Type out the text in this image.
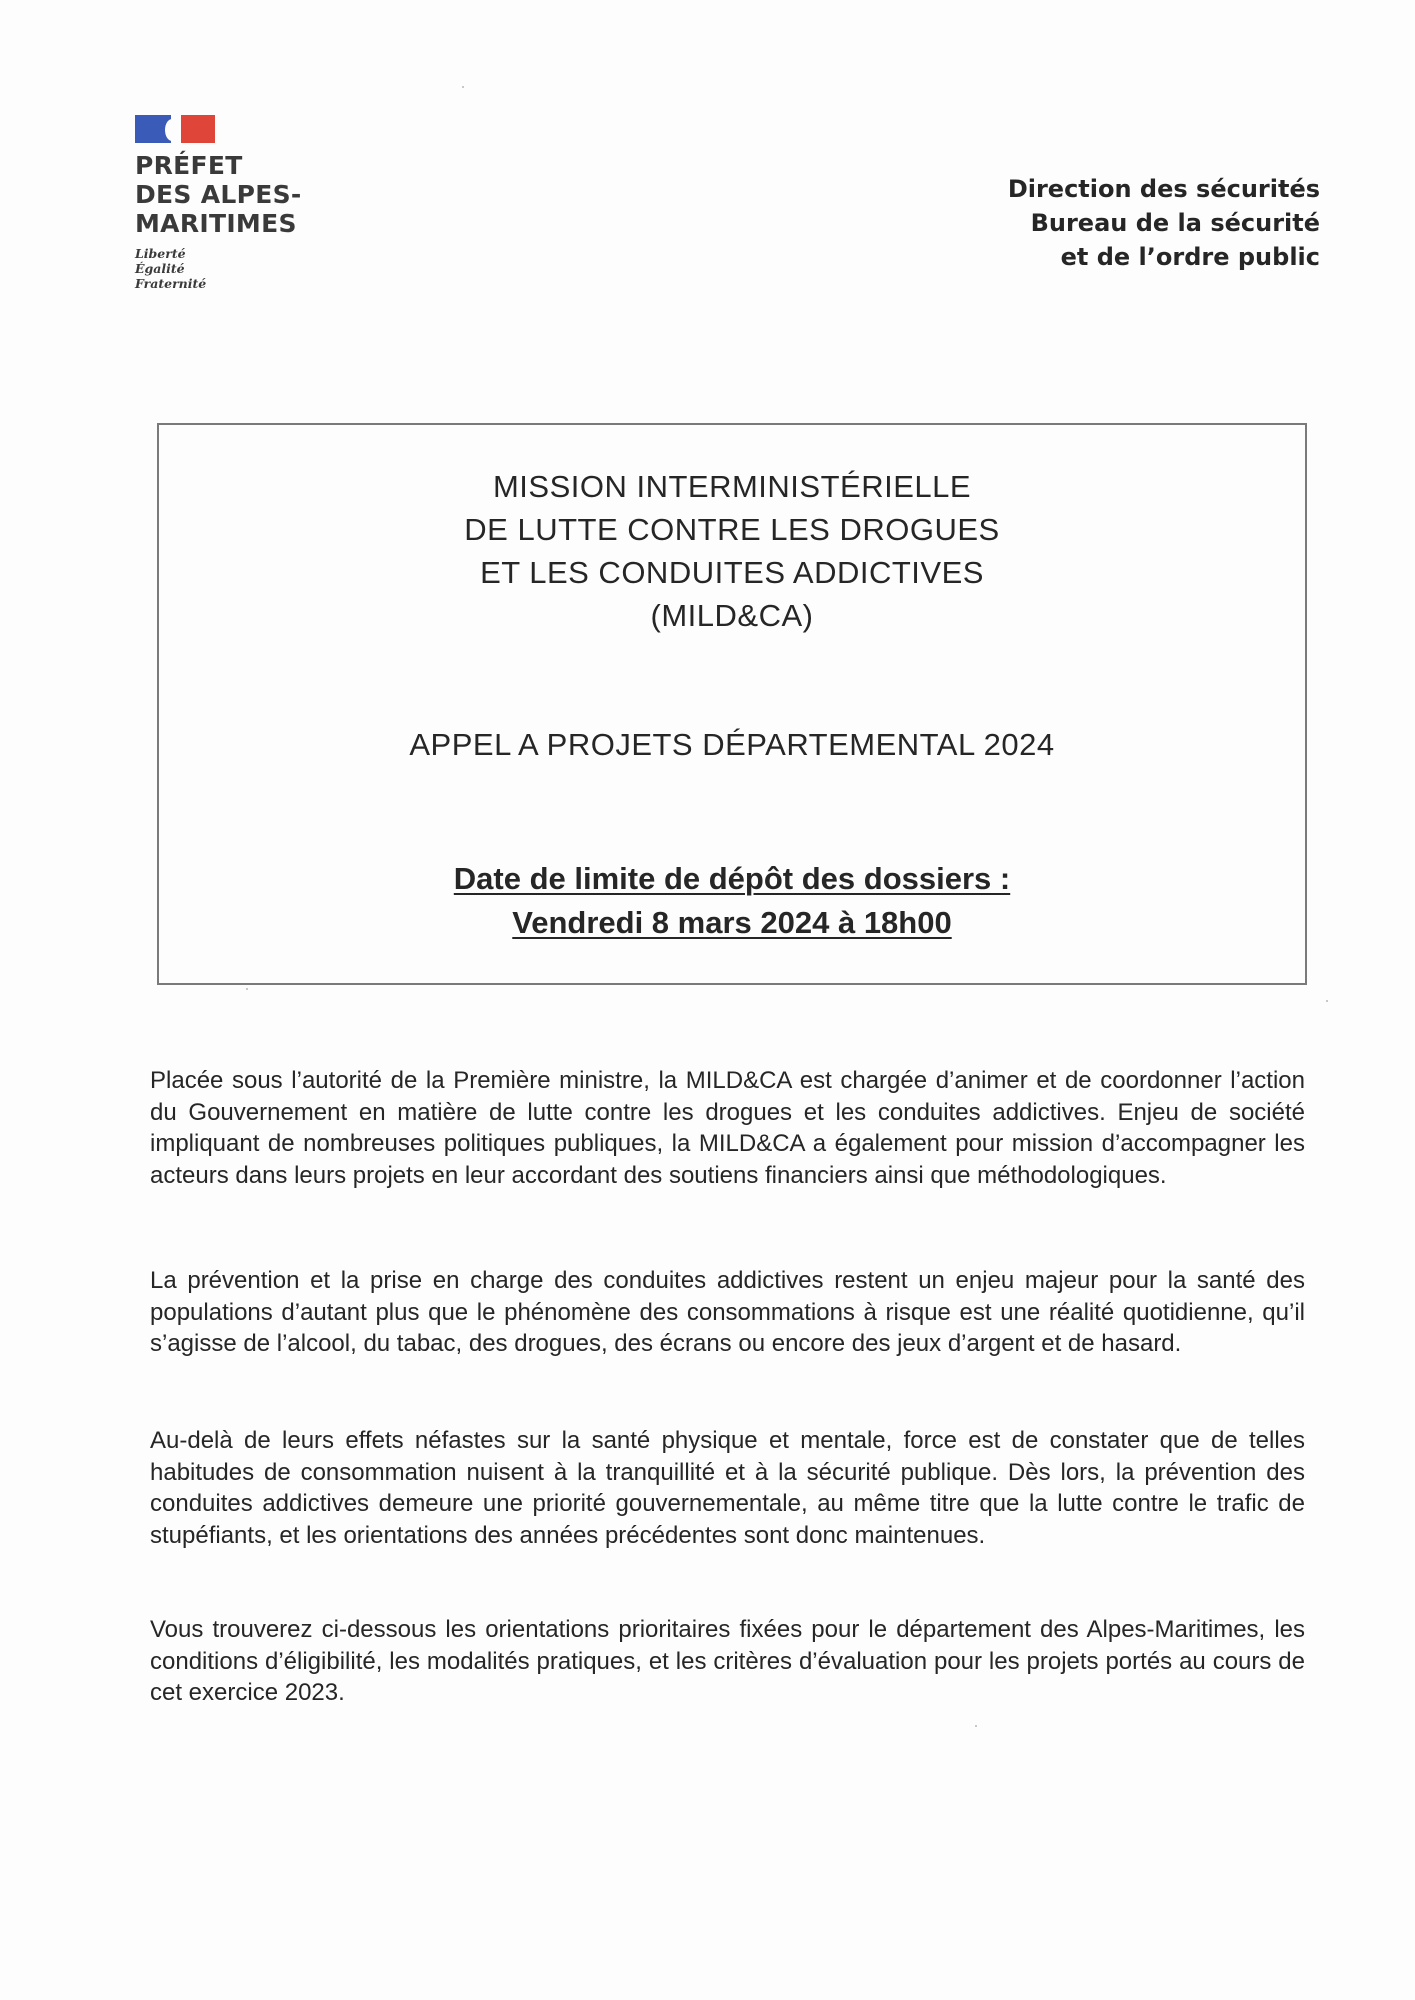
PRÉFET
DES ALPES-
MARITIMES
Liberté
Égalité
Fraternité
Direction des sécurités
Bureau de la sécurité
et de l’ordre public
MISSION INTERMINISTÉRIELLE
DE LUTTE CONTRE LES DROGUES
ET LES CONDUITES ADDICTIVES
(MILD&CA)
APPEL A PROJETS DÉPARTEMENTAL 2024
Date de limite de dépôt des dossiers :
Vendredi 8 mars 2024 à 18h00

Placée sous l’autorité de la Première ministre, la MILD&CA est chargée d’animer et de coordonner l’action du Gouvernement en matière de lutte contre les drogues et les conduites addictives. Enjeu de société impliquant de nombreuses politiques publiques, la MILD&CA a également pour mission d’accompagner les acteurs dans leurs projets en leur accordant des soutiens financiers ainsi que méthodologiques.

La prévention et la prise en charge des conduites addictives restent un enjeu majeur pour la santé des populations d’autant plus que le phénomène des consommations à risque est une réalité quotidienne, qu’il s’agisse de l’alcool, du tabac, des drogues, des écrans ou encore des jeux d’argent et de hasard.

Au-delà de leurs effets néfastes sur la santé physique et mentale, force est de constater que de telles habitudes de consommation nuisent à la tranquillité et à la sécurité publique. Dès lors, la prévention des conduites addictives demeure une priorité gouvernementale, au même titre que la lutte contre le trafic de stupéfiants, et les orientations des années précédentes sont donc maintenues.

Vous trouverez ci-dessous les orientations prioritaires fixées pour le département des Alpes-Maritimes, les conditions d’éligibilité, les modalités pratiques, et les critères d’évaluation pour les projets portés au cours de cet exercice 2023.
